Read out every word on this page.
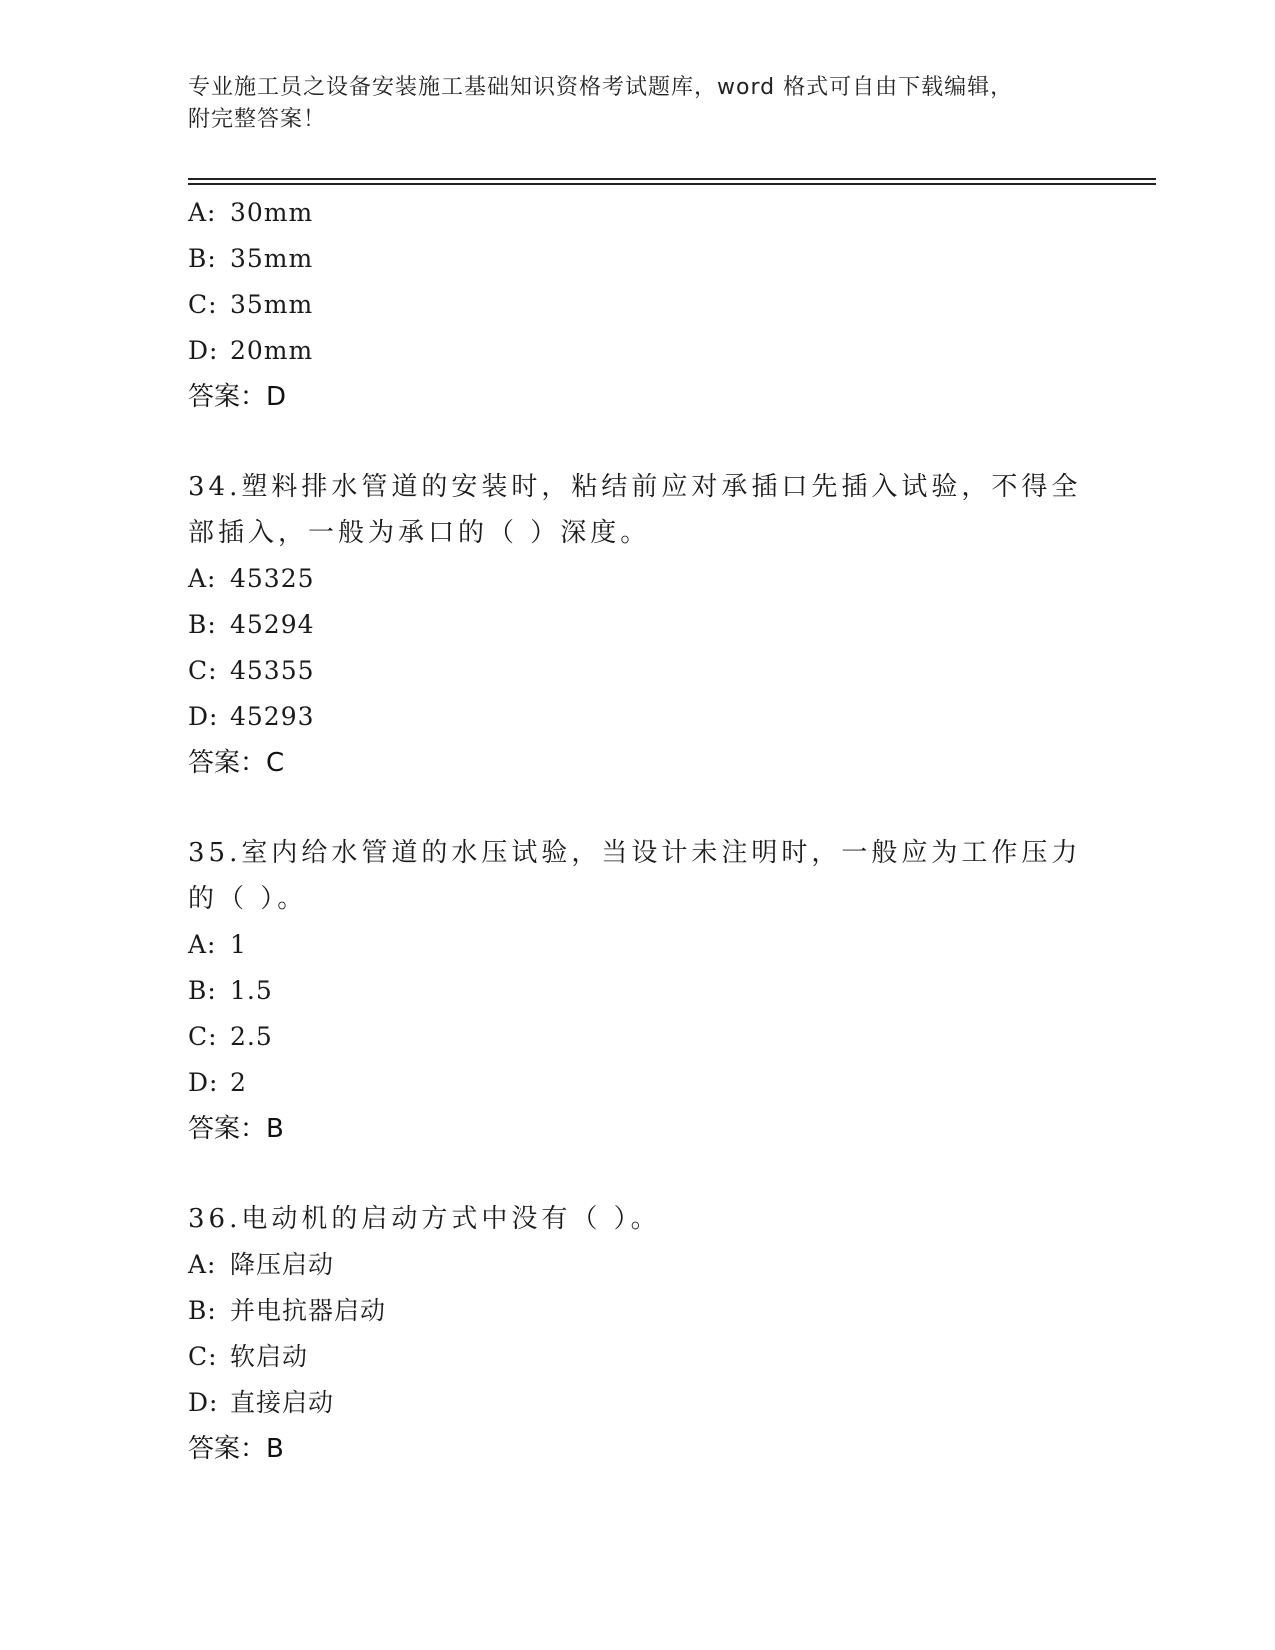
专业施工员之设备安装施工基础知识资格考试题库，word 格式可自由下载编辑，
附完整答案！
A: 30mm
B: 35mm
C: 35mm
D: 20mm
答案：D
34.塑料排水管道的安装时，粘结前应对承插口先插入试验，不得全部插入，一般为承口的（ ）深度。
A: 45325
B: 45294
C: 45355
D: 45293
答案：C
35.室内给水管道的水压试验，当设计未注明时，一般应为工作压力的（ ）。
A: 1
B: 1.5
C: 2.5
D: 2
答案：B
36.电动机的启动方式中没有（ ）。
A: 降压启动
B: 并电抗器启动
C: 软启动
D: 直接启动
答案：B
